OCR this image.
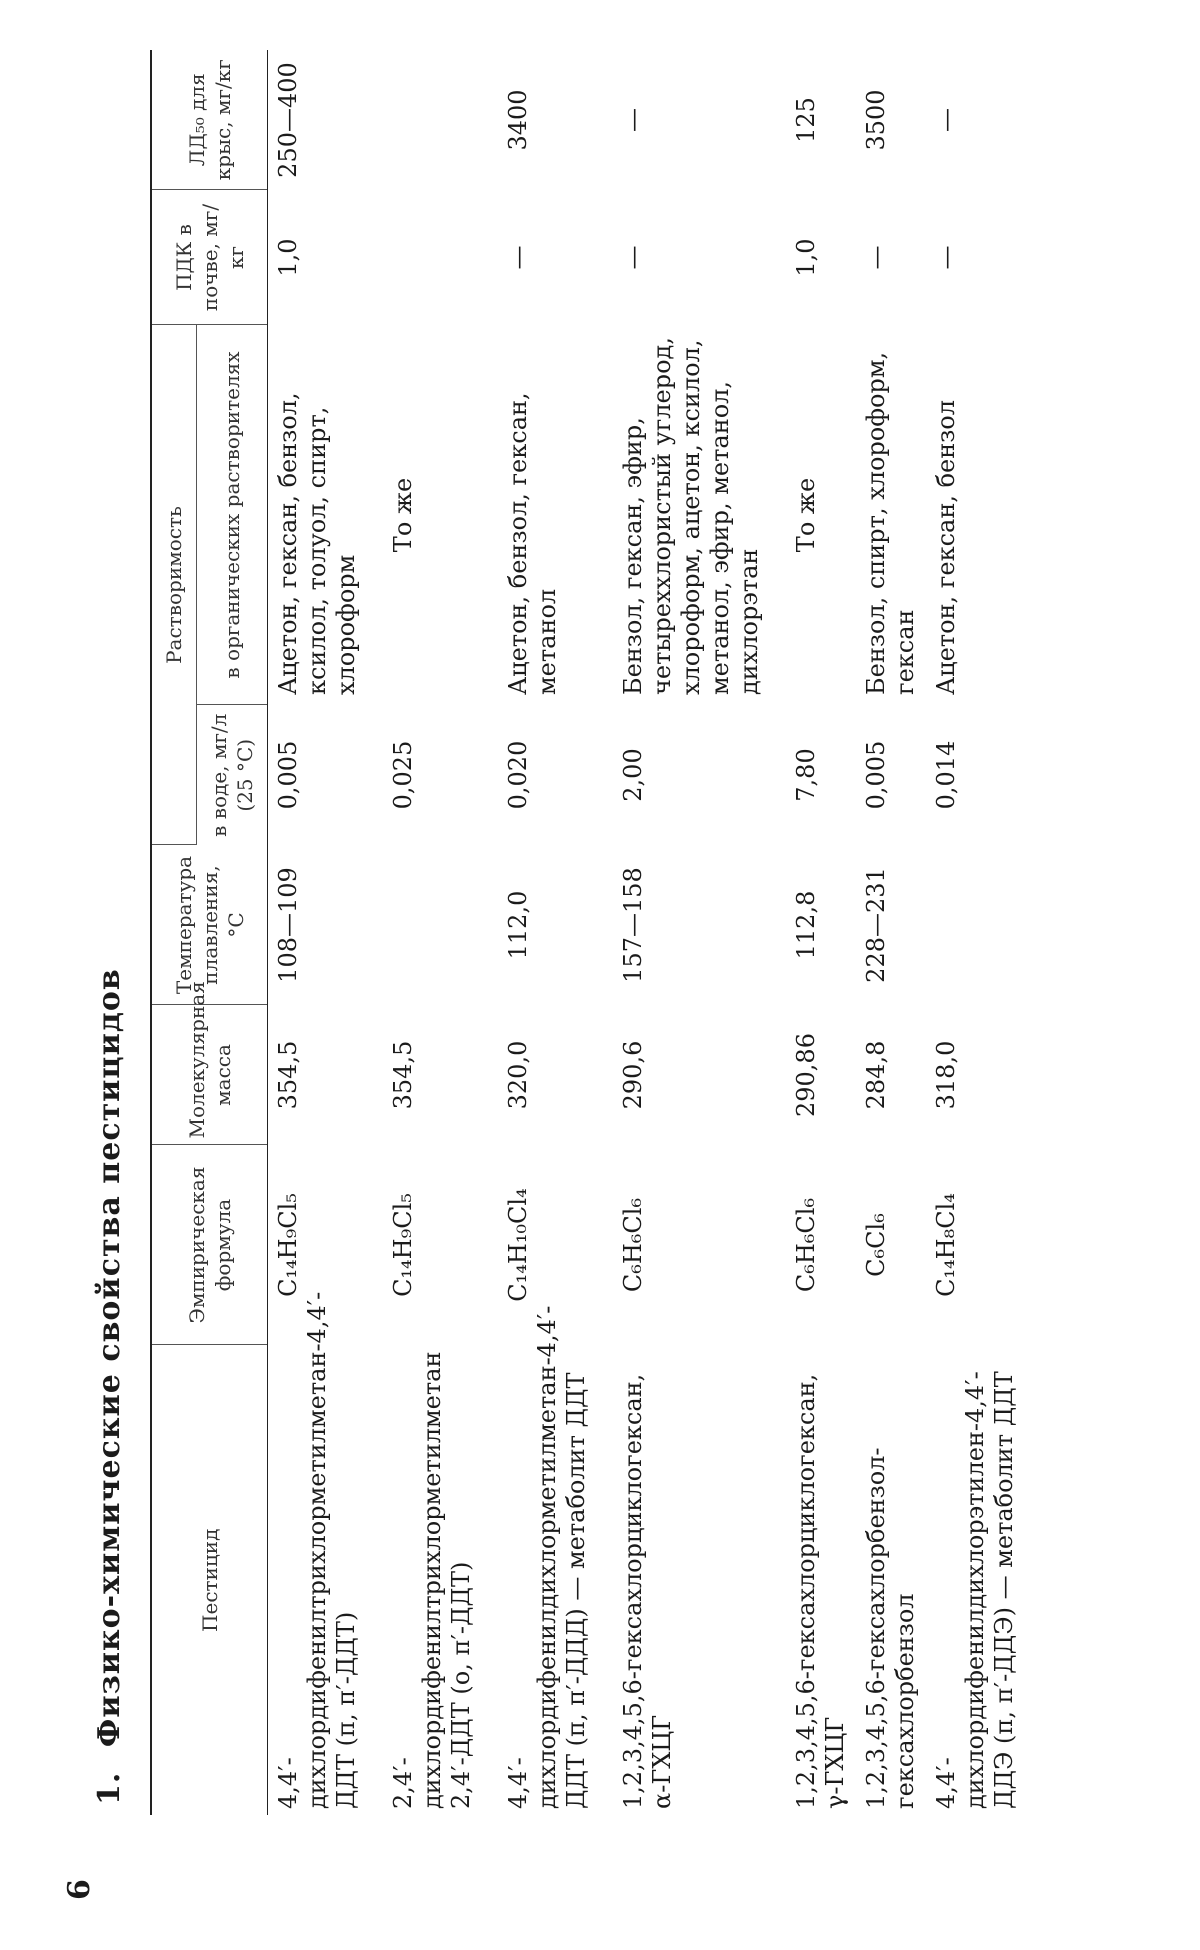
6
1. Физико-химические свойства пестицидов	Пестицид	Эмпирическая формула	Молекулярная масса	Температура плавления, °С	Растворимость		ПДК в почве, мг/кг	ЛД₅₀ для крыс, мг/кг
				в воде, мг/л (25 °С)	в органических растворителях		
4,4′-дихлордифенилтрихлорметилметан-4,4′-ДДТ (п, п′-ДДТ)	C₁₄H₉Cl₅	354,5	108—109	0,005	Ацетон, гексан, бензол, ксилол, толуол, спирт, хлороформ	1,0	250—400
2,4′-дихлордифенилтрихлорметилметан 2,4′-ДДТ (о, п′-ДДТ)	C₁₄H₉Cl₅	354,5		0,025	То же		
4,4′-дихлордифенилдихлорметилметан-4,4′-ДДТ (п, п′-ДДД) — метаболит ДДТ	C₁₄H₁₀Cl₄	320,0	112,0	0,020	Ацетон, бензол, гексан, метанол	—	3400
1,2,3,4,5,6-гексахлорциклогексан, α-ГХЦГ	C₆H₆Cl₆	290,6	157—158	2,00	Бензол, гексан, эфир, четыреххлористый углерод, хлороформ, ацетон, ксилол, метанол, эфир, метанол, дихлорэтан	—	—
1,2,3,4,5,6-гексахлорциклогексан, γ-ГХЦГ	C₆H₆Cl₆	290,86	112,8	7,80	То же	1,0	125
1,2,3,4,5,6-гексахлорбензол-гексахлорбензол	C₆Cl₆	284,8	228—231	0,005	Бензол, спирт, хлороформ, гексан	—	3500
4,4′-дихлордифенилдихлорэтилен-4,4′-ДДЭ (п, п′-ДДЭ) — метаболит ДДТ	C₁₄H₈Cl₄	318,0		0,014	Ацетон, гексан, бензол	—	—
